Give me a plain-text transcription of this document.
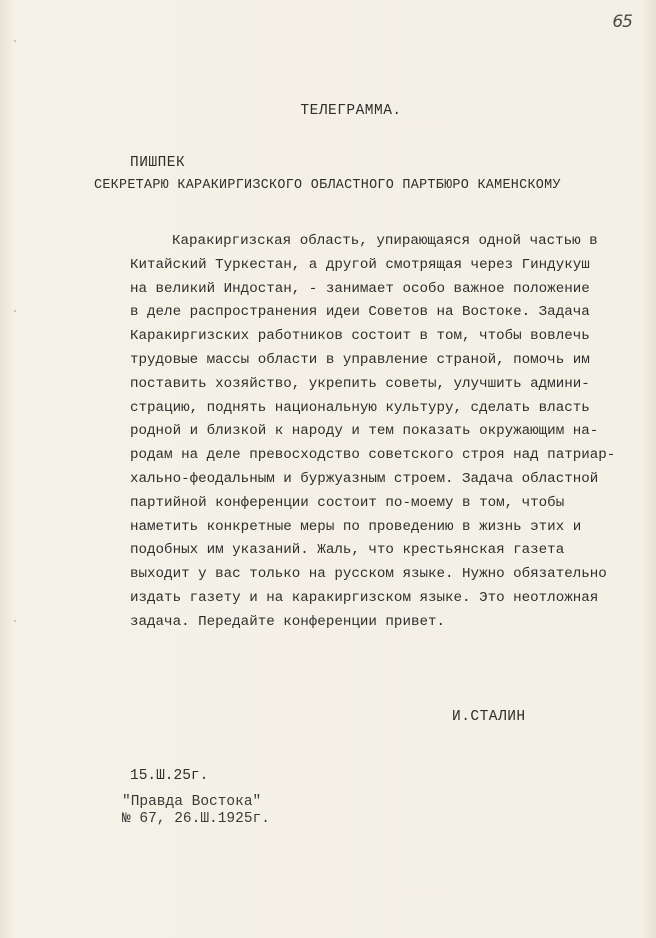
65
ТЕЛЕГРАММА.
ПИШПЕК
СЕКРЕТАРЮ КАРАКИРГИЗСКОГО ОБЛАСТНОГО ПАРТБЮРО КАМЕНСКОМУ
Каракиргизская область, упирающаяся одной частью в
Китайский Туркестан, а другой смотрящая через Гиндукуш
на великий Индостан, - занимает особо важное положение
в деле распространения идеи Советов на Востоке. Задача
Каракиргизских работников состоит в том, чтобы вовлечь
трудовые массы области в управление страной, помочь им
поставить хозяйство, укрепить советы, улучшить админи-
страцию, поднять национальную культуру, сделать власть
родной и близкой к народу и тем показать окружающим на-
родам на деле превосходство советского строя над патриар-
хально-феодальным и буржуазным строем. Задача областной
партийной конференции состоит по-моему в том, чтобы
наметить конкретные меры по проведению в жизнь этих и
подобных им указаний. Жаль, что крестьянская газета
выходит у вас только на русском языке. Нужно обязательно
издать газету и на каракиргизском языке. Это неотложная
задача. Передайте конференции привет.
И.СТАЛИН
15.Ш.25г.
"Правда Востока"
№ 67, 26.Ш.1925г.
